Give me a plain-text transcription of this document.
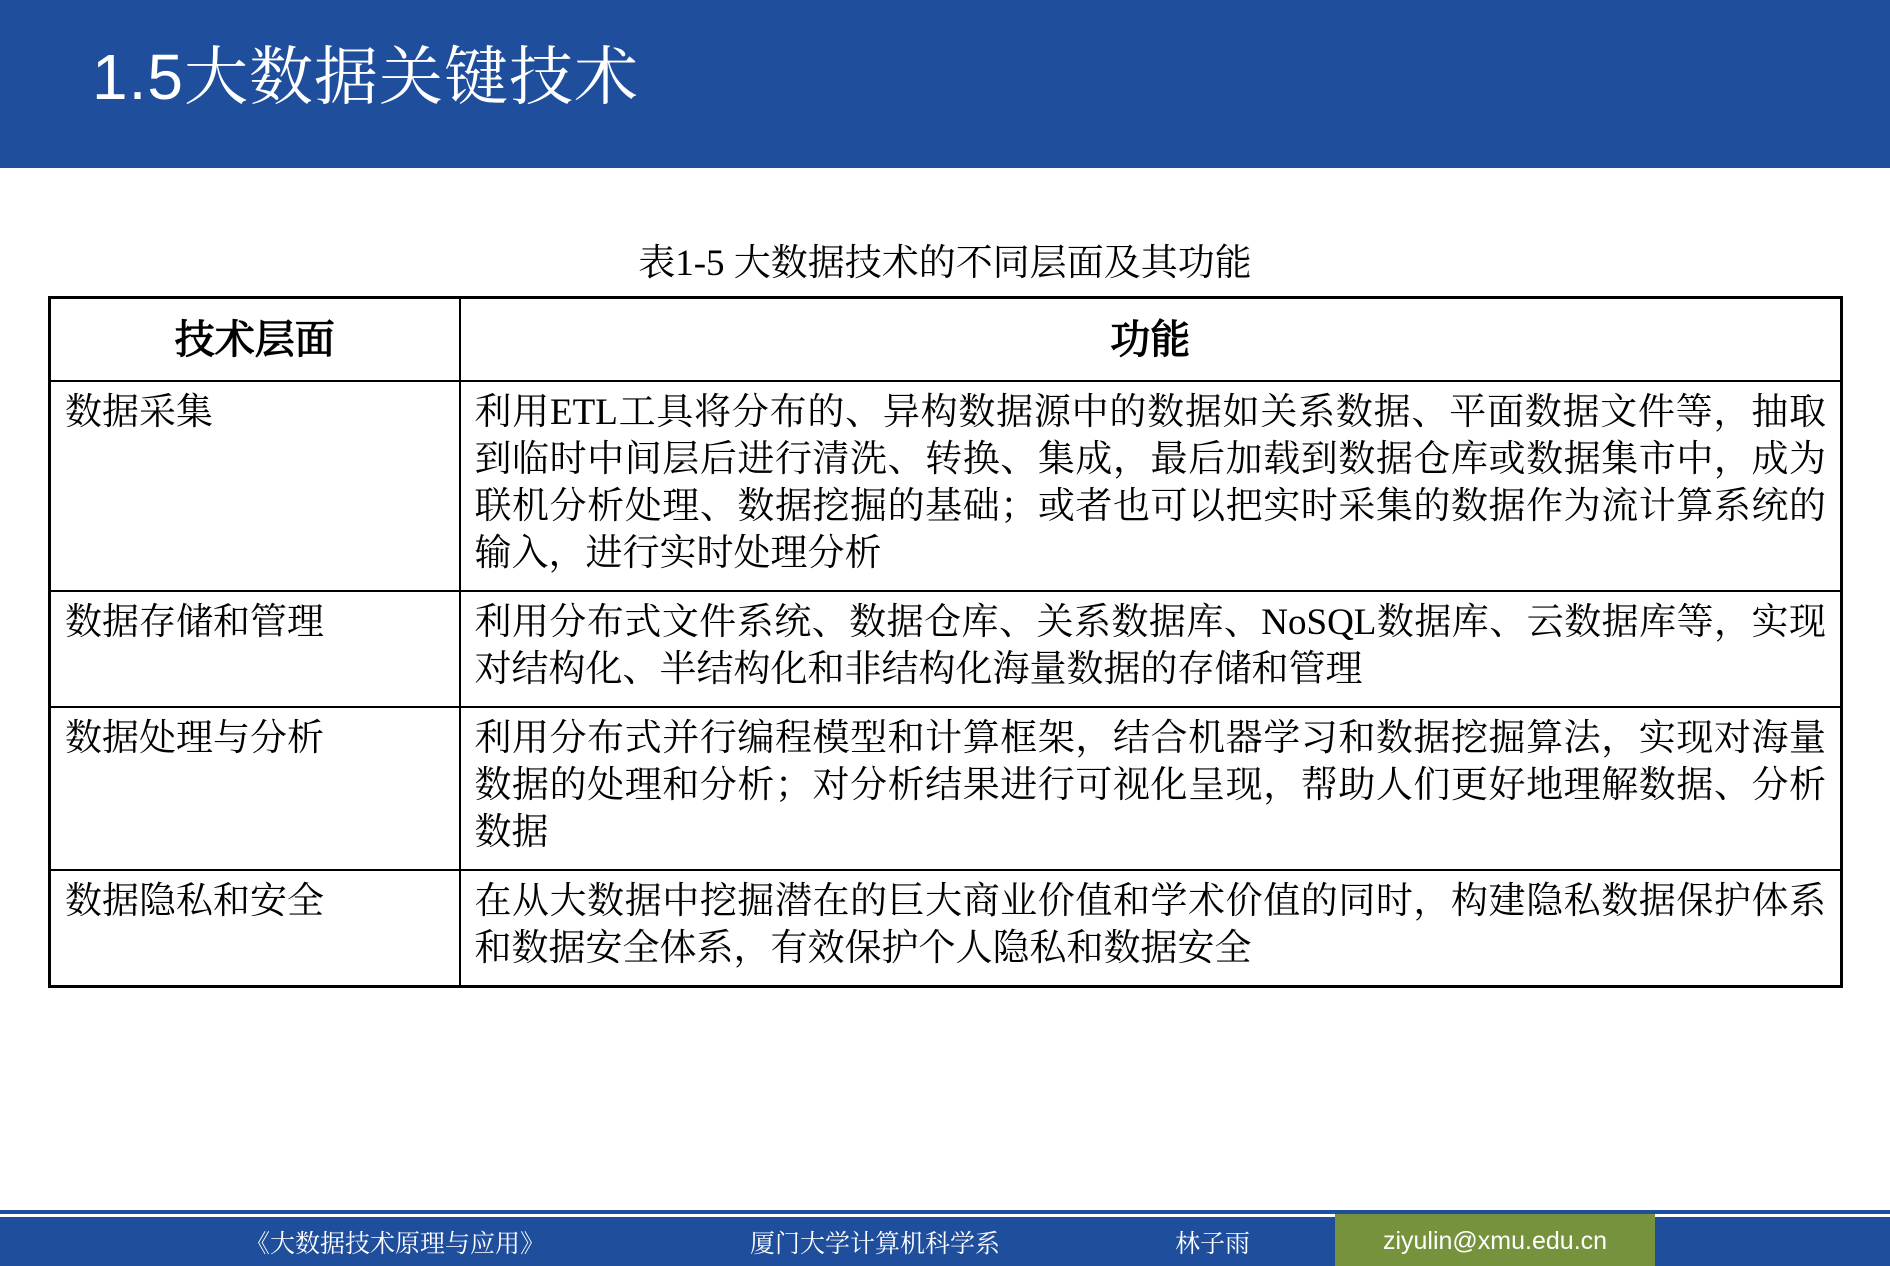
1.5大数据关键技术
表1-5 大数据技术的不同层面及其功能
技术层面	功能
数据采集	利用ETL工具将分布的、异构数据源中的数据如关系数据、平面数据文件等，抽取到临时中间层后进行清洗、转换、集成，最后加载到数据仓库或数据集市中，成为联机分析处理、数据挖掘的基础；或者也可以把实时采集的数据作为流计算系统的输入，进行实时处理分析
数据存储和管理	利用分布式文件系统、数据仓库、关系数据库、NoSQL数据库、云数据库等，实现对结构化、半结构化和非结构化海量数据的存储和管理
数据处理与分析	利用分布式并行编程模型和计算框架，结合机器学习和数据挖掘算法，实现对海量数据的处理和分析；对分析结果进行可视化呈现，帮助人们更好地理解数据、分析数据
数据隐私和安全	在从大数据中挖掘潜在的巨大商业价值和学术价值的同时，构建隐私数据保护体系和数据安全体系，有效保护个人隐私和数据安全
《大数据技术原理与应用》	厦门大学计算机科学系	林子雨	ziyulin@xmu.edu.cn
